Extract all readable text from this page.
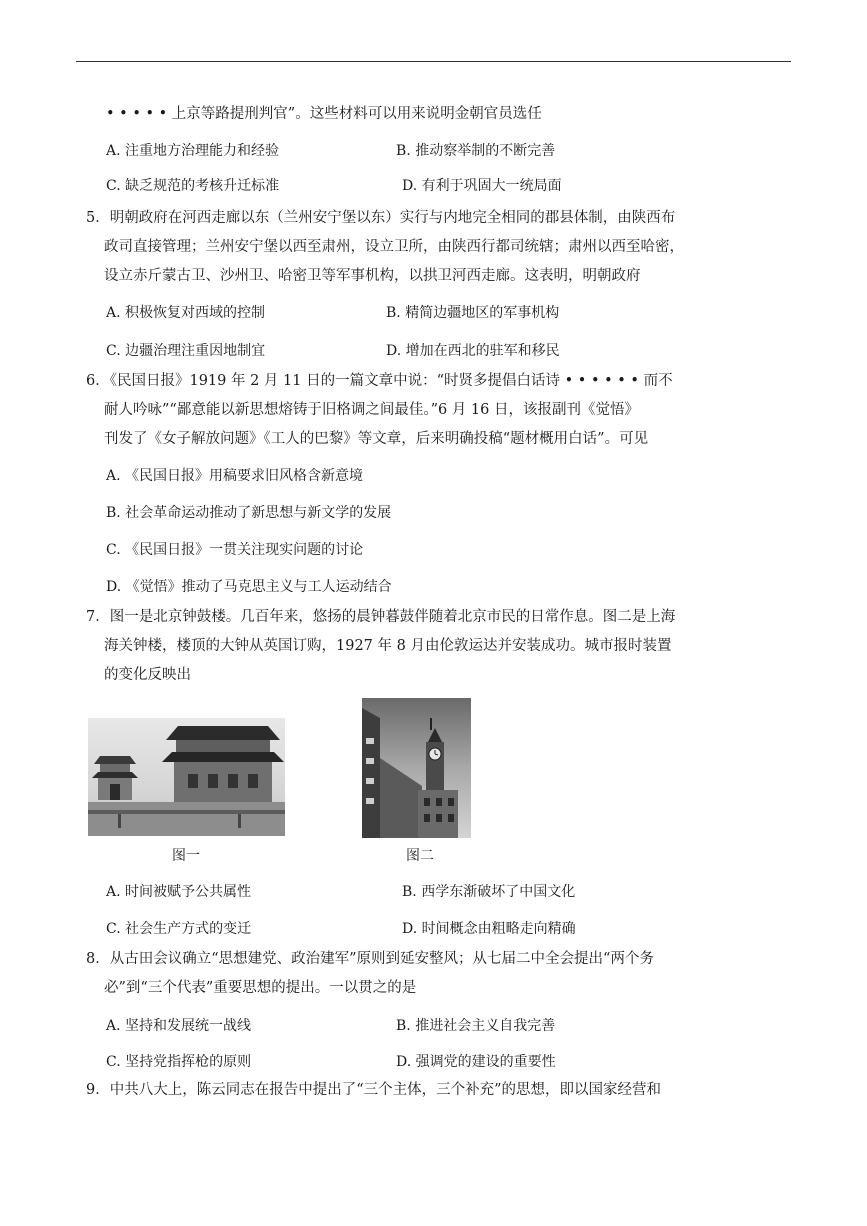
• • • • • 上京等路提刑判官”。这些材料可以用来说明金朝官员选任
A. 注重地方治理能力和经验	B. 推动察举制的不断完善
C. 缺乏规范的考核升迁标准	D. 有利于巩固大一统局面
5．明朝政府在河西走廊以东（兰州安宁堡以东）实行与内地完全相同的郡县体制，由陕西布
政司直接管理；兰州安宁堡以西至肃州，设立卫所，由陕西行都司统辖；肃州以西至哈密，
设立赤斤蒙古卫、沙州卫、哈密卫等军事机构，以拱卫河西走廊。这表明，明朝政府
A. 积极恢复对西域的控制	B. 精简边疆地区的军事机构
C. 边疆治理注重因地制宜	D. 增加在西北的驻军和移民
6．《民国日报》1919 年 2 月 11 日的一篇文章中说：“时贤多提倡白话诗 • • • • • • 而不
耐人吟咏”“鄙意能以新思想熔铸于旧格调之间最佳。”6 月 16 日，该报副刊《觉悟》
刊发了《女子解放问题》《工人的巴黎》等文章，后来明确投稿“题材概用白话”。可见
A. 《民国日报》用稿要求旧风格含新意境
B. 社会革命运动推动了新思想与新文学的发展
C. 《民国日报》一贯关注现实问题的讨论
D. 《觉悟》推动了马克思主义与工人运动结合
7．图一是北京钟鼓楼。几百年来，悠扬的晨钟暮鼓伴随着北京市民的日常作息。图二是上海
海关钟楼，楼顶的大钟从英国订购，1927 年 8 月由伦敦运达并安装成功。城市报时装置
的变化反映出
图一	图二
A. 时间被赋予公共属性	B. 西学东渐破坏了中国文化
C. 社会生产方式的变迁	D. 时间概念由粗略走向精确
8．从古田会议确立“思想建党、政治建军”原则到延安整风；从七届二中全会提出“两个务
必”到“三个代表”重要思想的提出。一以贯之的是
A. 坚持和发展统一战线	B. 推进社会主义自我完善
C. 坚持党指挥枪的原则	D. 强调党的建设的重要性
9．中共八大上，陈云同志在报告中提出了“三个主体，三个补充”的思想，即以国家经营和
